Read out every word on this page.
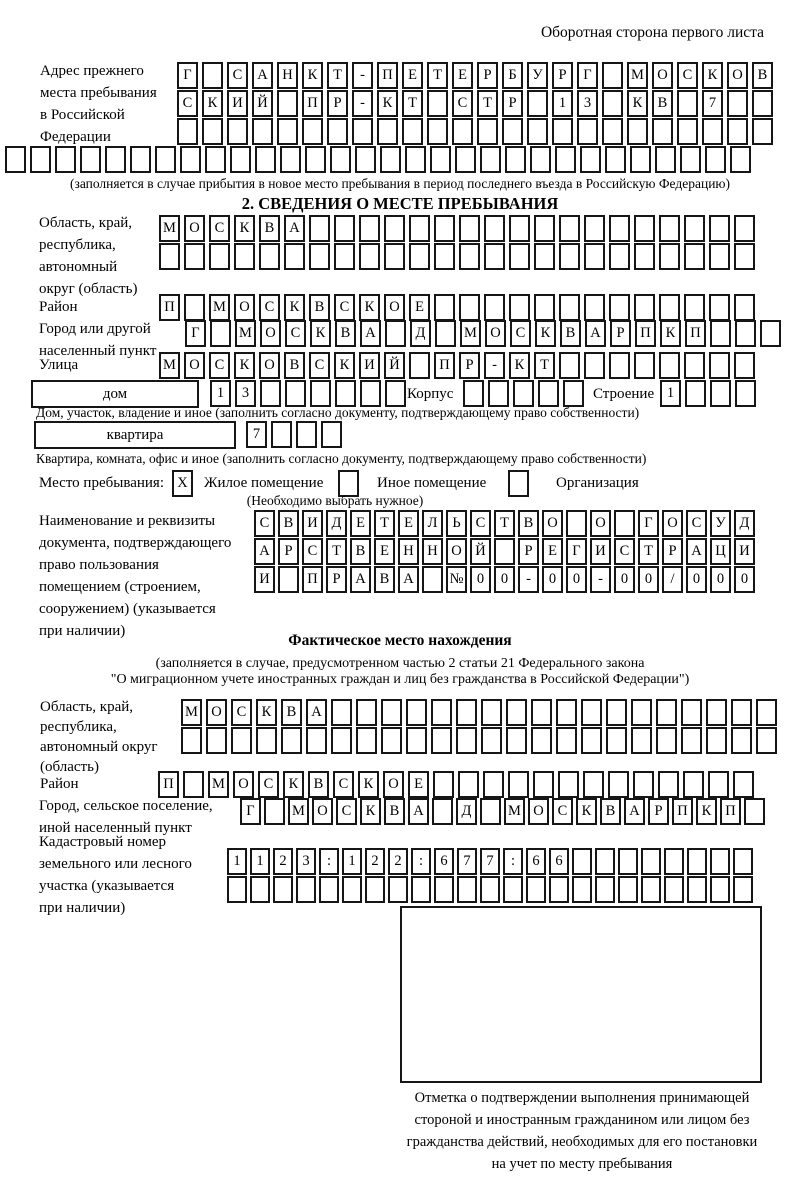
Оборотная сторона первого листа
Адрес прежнего
места пребывания
в Российской
Федерации
Г	С	А	Н	К	Т	-	П	Е	Т	Е	Р	Б	У	Р	Г	М О	С	К	О	В
С	К	И	Й	П	Р	-	К	Т	С	Т	Р	1	3	К	В	7
(заполняется в случае прибытия в новое место пребывания в период последнего въезда в Российскую Федерацию)
2. СВЕДЕНИЯ О МЕСТЕ ПРЕБЫВАНИЯ
Область, край,
республика,
автономный
округ (область)
М О	С	К	В	А
Район	П	М О	С	К	В	С	К	О	Е
Город или другой
населенный пункт
Г	М О	С	К	В	А	Д	М О	С	К	В	А	Р	П	К	П
Улица	М О	С	К	О	В	С	К	И	Й	П	Р	-	К	Т
дом	1	3	Корпус	Строение 1
Дом, участок, владение и иное (заполнить согласно документу, подтверждающему право собственности)
квартира	7
Квартира, комната, офис и иное (заполнить согласно документу, подтверждающему право собственности)
Место пребывания: X	Жилое помещение	Иное помещение	Организация
(Необходимо выбрать нужное)
Наименование и реквизиты
документа, подтверждающего
право пользования
помещением (строением,
сооружением) (указывается
при наличии)
С В И Д	Е	Т	Е	Л	Ь	С	Т	В О	О	Г	О С У Д
А	Р	С	Т	В	Е Н Н О Й	Р	Е	Г	И С	Т	Р	А Ц И
И	П	Р	А В А	№ 0	0	-	0	0	-	0	0	/	0	0	0
Фактическое место нахождения
(заполняется в случае, предусмотренном частью 2 статьи 21 Федерального закона
"О миграционном учете иностранных граждан и лиц без гражданства в Российской Федерации")
Область, край,
республика,
автономный округ
(область)
М О	С	К	В	А
Район	П	М О	С	К	В	С	К	О	Е
Город, сельское поселение,
иной населенный пункт
Г	М О С К В А	Д	М О С К В А	Р	П К П
Кадастровый номер
земельного или лесного
участка (указывается
при наличии)
1	1	2	3	:	1	2	2	:	6	7	7	:	6	6
Отметка о подтверждении выполнения принимающей
стороной и иностранным гражданином или лицом без
гражданства действий, необходимых для его постановки
на учет по месту пребывания
